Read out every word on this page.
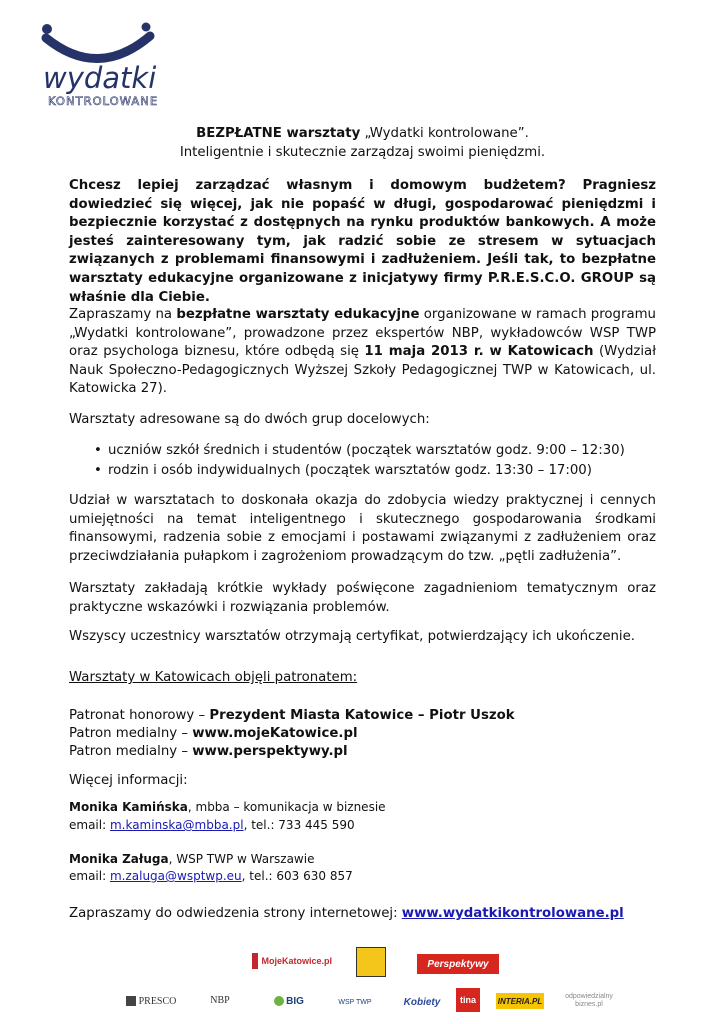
wydatki
KONTROLOWANE
BEZPŁATNE warsztaty „Wydatki kontrolowane”.
Inteligentnie i skutecznie zarządzaj swoimi pieniędzmi.

Chcesz lepiej zarządzać własnym i domowym budżetem? Pragniesz dowiedzieć się więcej, jak nie popaść w długi, gospodarować pieniędzmi i bezpiecznie korzystać z dostępnych na rynku produktów bankowych. A może jesteś zainteresowany tym, jak radzić sobie ze stresem w sytuacjach związanych z problemami finansowymi i zadłużeniem. Jeśli tak, to bezpłatne warsztaty edukacyjne organizowane z inicjatywy firmy P.R.E.S.C.O. GROUP są właśnie dla Ciebie.

Zapraszamy na bezpłatne warsztaty edukacyjne organizowane w ramach programu „Wydatki kontrolowane”, prowadzone przez ekspertów NBP, wykładowców WSP TWP oraz psychologa biznesu, które odbędą się 11 maja 2013 r. w Katowicach (Wydział Nauk Społeczno-Pedagogicznych Wyższej Szkoły Pedagogicznej TWP w Katowicach, ul. Katowicka 27).

Warsztaty adresowane są do dwóch grup docelowych:

• uczniów szkół średnich i studentów (początek warsztatów godz. 9:00 – 12:30)
• rodzin i osób indywidualnych (początek warsztatów godz. 13:30 – 17:00)

Udział w warsztatach to doskonała okazja do zdobycia wiedzy praktycznej i cennych umiejętności na temat inteligentnego i skutecznego gospodarowania środkami finansowymi, radzenia sobie z emocjami i postawami związanymi z zadłużeniem oraz przeciwdziałania pułapkom i zagrożeniom prowadzącym do tzw. „pętli zadłużenia”.

Warsztaty zakładają krótkie wykłady poświęcone zagadnieniom tematycznym oraz praktyczne wskazówki i rozwiązania problemów.

Wszyscy uczestnicy warsztatów otrzymają certyfikat, potwierdzający ich ukończenie.

Warsztaty w Katowicach objęli patronatem:

Patronat honorowy – Prezydent Miasta Katowice – Piotr Uszok
Patron medialny – www.mojeKatowice.pl
Patron medialny – www.perspektywy.pl

Więcej informacji:

Monika Kamińska, mbba – komunikacja w biznesie
email: m.kaminska@mbba.pl, tel.: 733 445 590
Monika Załuga, WSP TWP w Warszawie
email: m.zaluga@wsptwp.eu, tel.: 603 630 857
Zapraszamy do odwiedzenia strony internetowej: www.wydatkikontrolowane.pl
MojeKatowice.pl	Perspektywy
PRESCO	NBP	BIG	WSP TWP	Kobiety tina	INTERIA.PL	odpowiedzialny biznes.pl
